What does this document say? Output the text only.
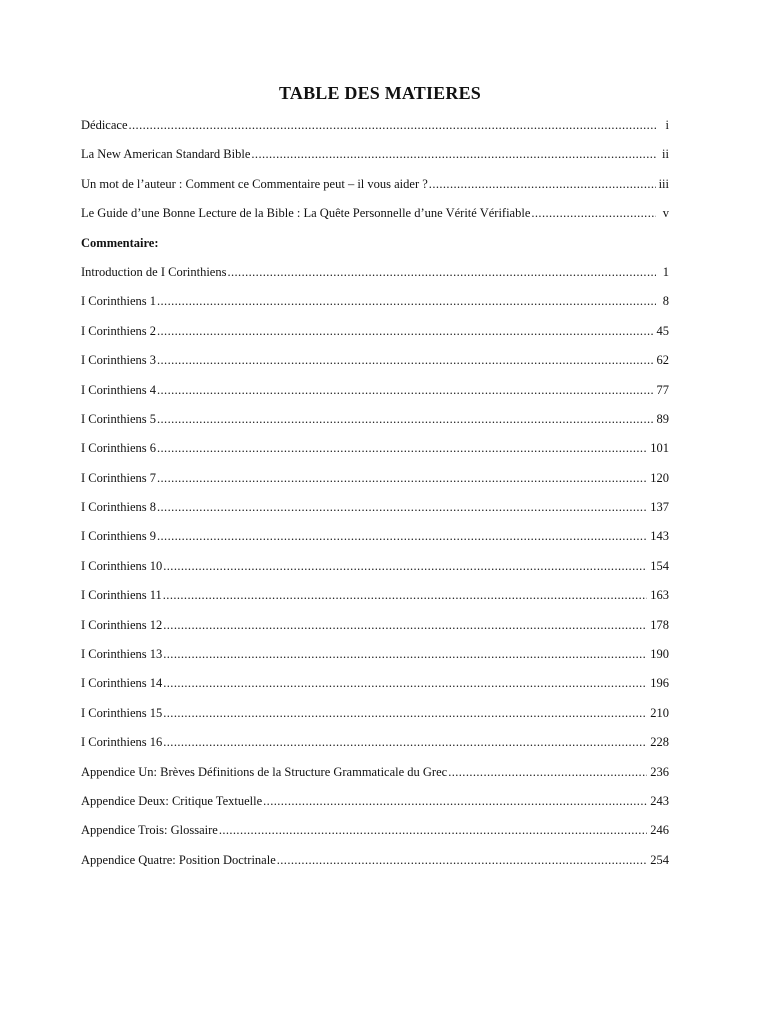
TABLE DES MATIERES
Dédicace .....	i
La New American Standard Bible .....	ii
Un mot de l’auteur : Comment ce Commentaire peut – il vous aider ? .....	iii
Le Guide d’une Bonne Lecture de la Bible : La Quête Personnelle d’une Vérité Vérifiable .....	v
Commentaire:
Introduction de I Corinthiens .....	1
I Corinthiens 1 .....	8
I Corinthiens 2 .....	45
I Corinthiens 3 .....	62
I Corinthiens 4 .....	77
I Corinthiens 5 .....	89
I Corinthiens 6 .....	101
I Corinthiens 7 .....	120
I Corinthiens 8 .....	137
I Corinthiens 9 .....	143
I Corinthiens 10 .....	154
I Corinthiens 11 .....	163
I Corinthiens 12 .....	178
I Corinthiens 13 .....	190
I Corinthiens 14 .....	196
I Corinthiens 15 .....	210
I Corinthiens 16 .....	228
Appendice Un: Brèves Définitions de la Structure Grammaticale du Grec .....	236
Appendice Deux: Critique Textuelle .....	243
Appendice Trois: Glossaire .....	246
Appendice Quatre: Position Doctrinale .....	254
